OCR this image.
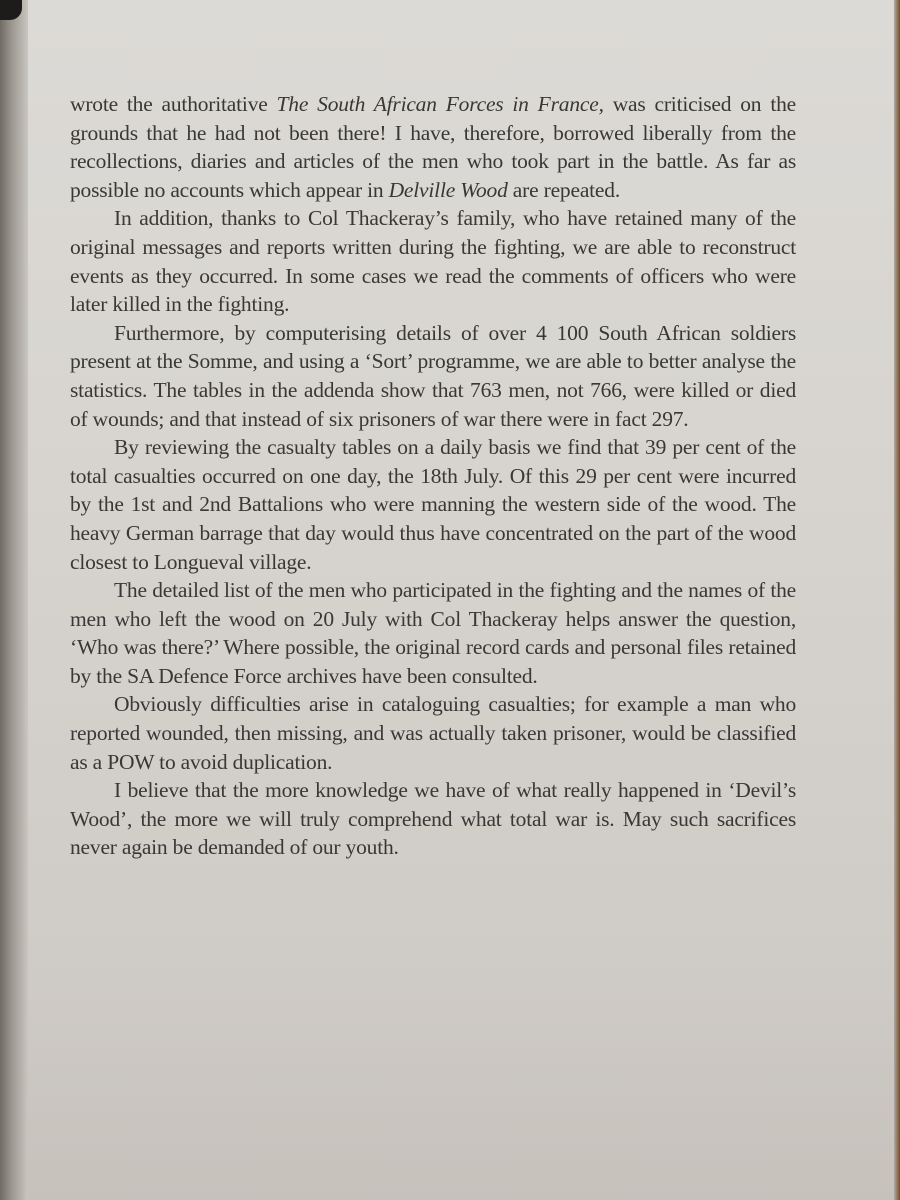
wrote the authoritative The South African Forces in France, was criticised on the grounds that he had not been there! I have, therefore, borrowed liberally from the recollections, diaries and articles of the men who took part in the battle. As far as possible no accounts which appear in Delville Wood are repeated.

In addition, thanks to Col Thackeray’s family, who have retained many of the original messages and reports written during the fighting, we are able to reconstruct events as they occurred. In some cases we read the comments of officers who were later killed in the fighting.

Furthermore, by computerising details of over 4 100 South African soldiers present at the Somme, and using a ‘Sort’ programme, we are able to better analyse the statistics. The tables in the addenda show that 763 men, not 766, were killed or died of wounds; and that instead of six prisoners of war there were in fact 297.

By reviewing the casualty tables on a daily basis we find that 39 per cent of the total casualties occurred on one day, the 18th July. Of this 29 per cent were incurred by the 1st and 2nd Battalions who were manning the western side of the wood. The heavy German barrage that day would thus have concentrated on the part of the wood closest to Longueval village.

The detailed list of the men who participated in the fighting and the names of the men who left the wood on 20 July with Col Thackeray helps answer the question, ‘Who was there?’ Where possible, the original record cards and personal files retained by the SA Defence Force archives have been consulted.

Obviously difficulties arise in cataloguing casualties; for example a man who reported wounded, then missing, and was actually taken prisoner, would be classified as a POW to avoid duplication.

I believe that the more knowledge we have of what really happened in ‘Devil’s Wood’, the more we will truly comprehend what total war is. May such sacrifices never again be demanded of our youth.
